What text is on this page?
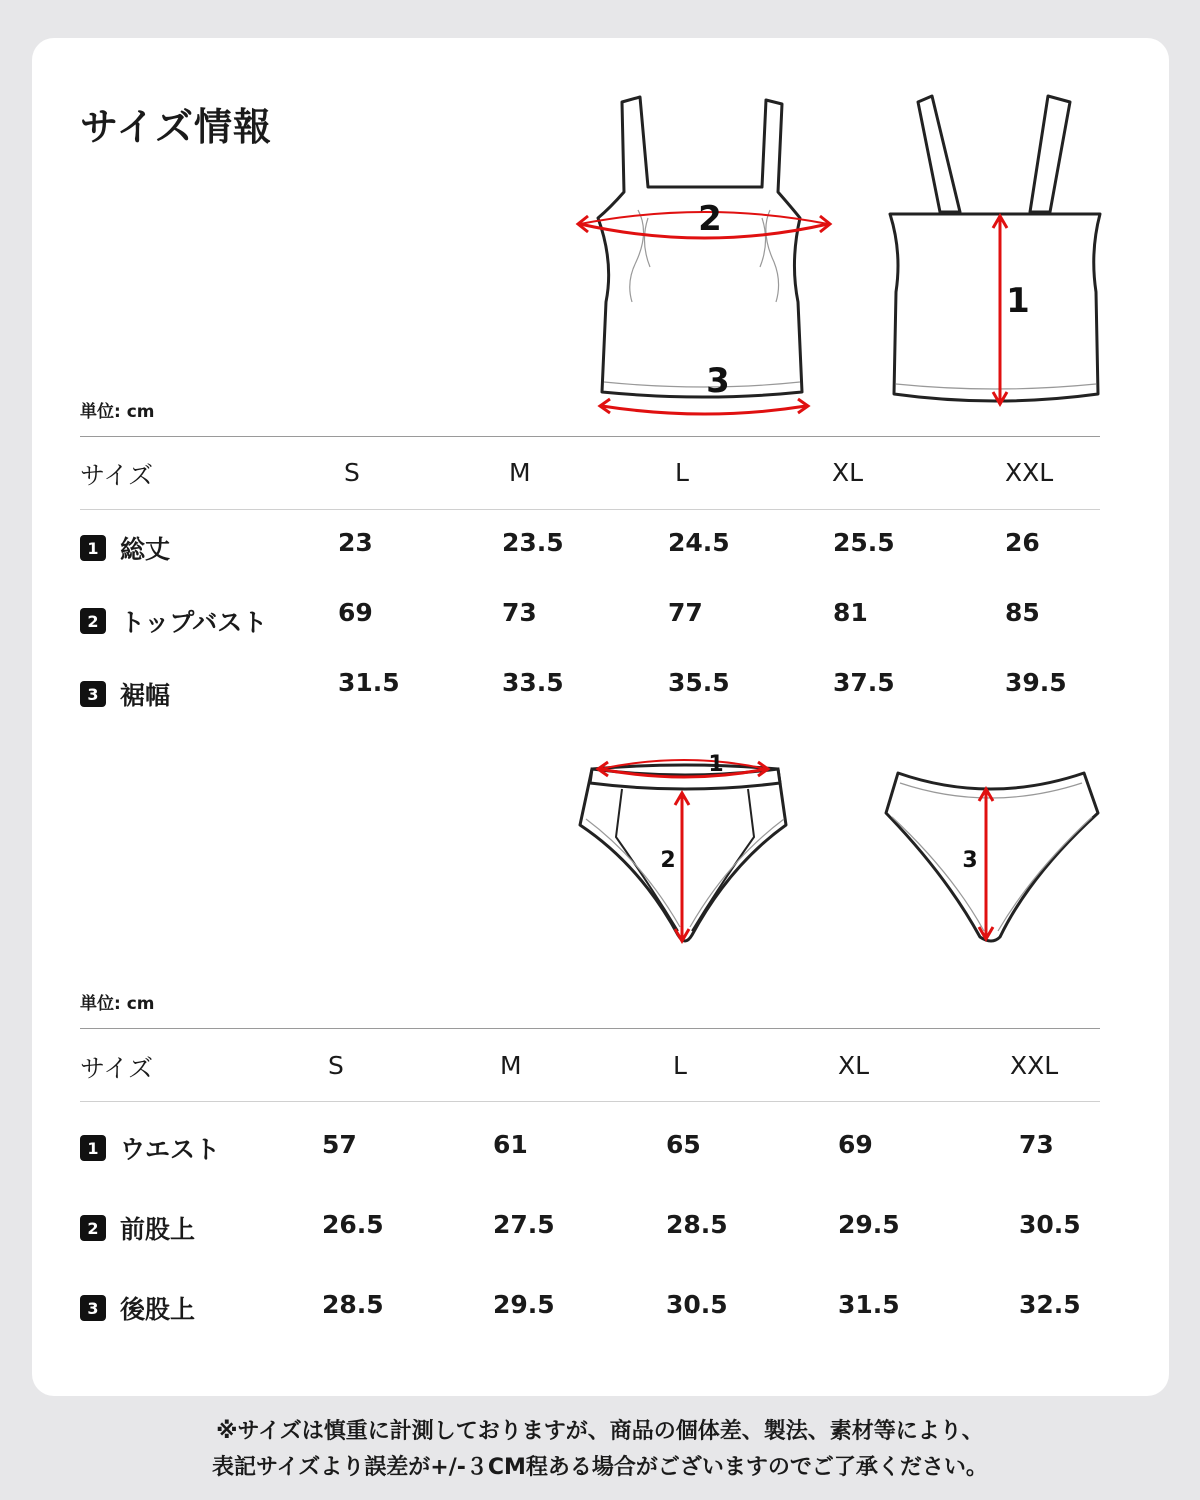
サイズ情報
2
3
1
単位: cm
サイズ	S	M	L	XL	XXL
1 総丈	23	23.5	24.5	25.5	26
2 トップバスト	69	73	77	81	85
3 裾幅	31.5	33.5	35.5	37.5	39.5
1
2	3
単位: cm
サイズ	S	M	L	XL	XXL
1 ウエスト	57	61	65	69	73
2 前股上	26.5	27.5	28.5	29.5	30.5
3 後股上	28.5	29.5	30.5	31.5	32.5
※サイズは慎重に計測しておりますが、商品の個体差、製法、素材等により、
表記サイズより誤差が+/-３CM程ある場合がございますのでご了承ください。
